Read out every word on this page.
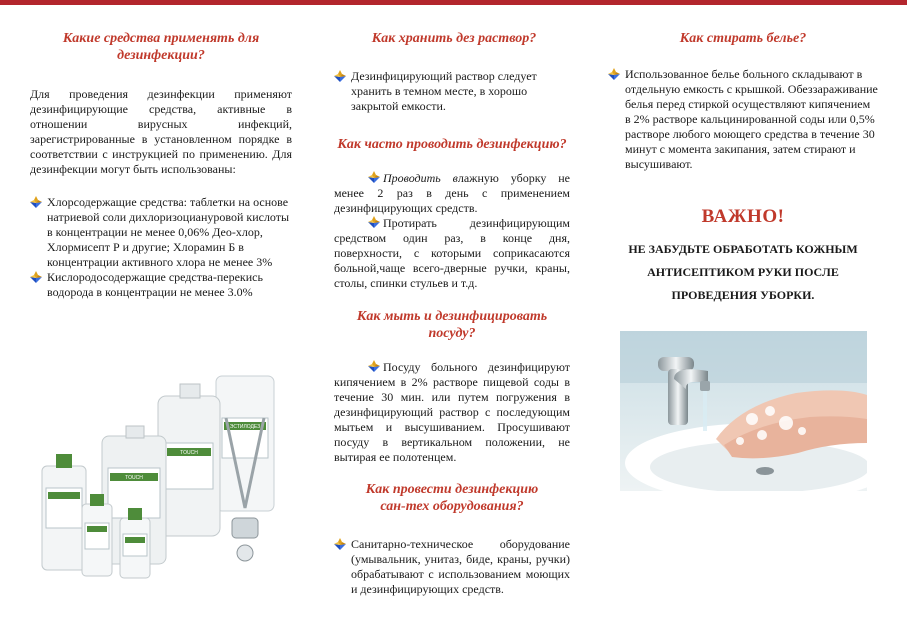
Какие средства применять для дезинфекции?

Для проведения дезинфекции применяют дезинфицирующие средства, активные в отношении вирусных инфекций, зарегистрированные в установленном порядке в соответствии с инструкцией по применению. Для дезинфекции могут быть использованы:

Хлорсодержащие средства: таблетки на основе натриевой соли дихлоризоциануровой кислоты в концентрации не менее 0,06% Део-хлор, Хлормисепт Р и другие; Хлорамин Б в концентрации активного хлора не менее 3%
Кислородосодержащие средства-перекись водорода в концентрации не менее 3.0%
ЭСТИЛОДЕЗ
TOUCH
TOUCH
Как хранить дез раствор?
Дезинфицирующий раствор следует хранить в темном месте, в хорошо закрытой емкости.
Как часто проводить дезинфекцию?

Проводить влажную уборку не менее 2 раз в день с применением дезинфицирующих средств.

Протирать дезинфицирующим средством один раз, в конце дня, поверхности, с которыми соприкасаются больной,чаще всего-дверные ручки, краны, столы, спинки стульев и т.д.

Как мыть и дезинфицировать посуду?

Посуду больного дезинфицируют кипячением в 2% растворе пищевой соды в течение 30 мин. или путем погружения в дезинфицирующий раствор с последующим мытьем и высушиванием. Просушивают посуду в вертикальном положении, не вытирая ее полотенцем.

Как провести дезинфекцию сан-тех оборудования?
Санитарно-техническое оборудование (умывальник, унитаз, биде, краны, ручки) обрабатывают с использованием моющих и дезинфицирующих средств.
Как стирать белье?
Использованное белье больного складывают в отдельную емкость с крышкой. Обеззараживание белья перед стиркой осуществляют кипячением в 2% растворе кальцинированной соды или 0,5% растворе любого моющего средства в течение 30 минут с момента закипания, затем стирают и высушивают.
ВАЖНО!
НЕ ЗАБУДЬТЕ ОБРАБОТАТЬ КОЖНЫМ
АНТИСЕПТИКОМ РУКИ ПОСЛЕ
ПРОВЕДЕНИЯ УБОРКИ.
